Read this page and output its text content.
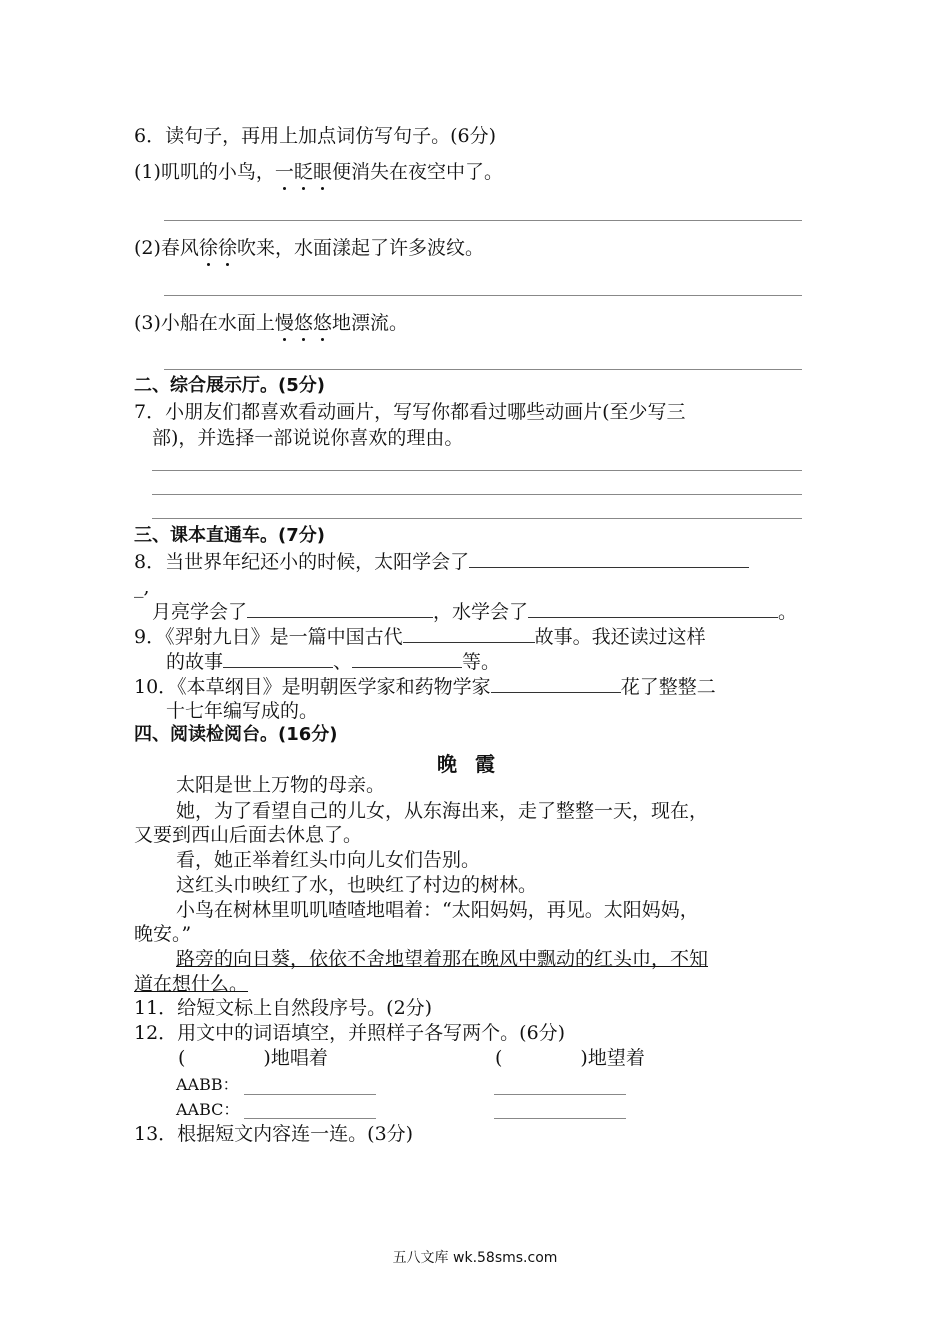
6．读句子，再用上加点词仿写句子。(6分)
(1)叽叽的小鸟，一眨眼便消失在夜空中了。
(2)春风徐徐吹来，水面漾起了许多波纹。
(3)小船在水面上慢悠悠地漂流。
二、综合展示厅。(5分)
7．小朋友们都喜欢看动画片，写写你都看过哪些动画片(至少写三
部)，并选择一部说说你喜欢的理由。
三、课本直通车。(7分)
8．当世界年纪还小的时候，太阳学会了
_,
月亮学会了	，水学会了	。
9．《羿射九日》是一篇中国古代	故事。我还读过这样
的故事	、	等。
10．《本草纲目》是明朝医学家和药物学家	花了整整二
十七年编写成的。
四、阅读检阅台。(16分)
晚霞
太阳是世上万物的母亲。
她，为了看望自己的儿女，从东海出来，走了整整一天，现在，
又要到西山后面去休息了。
看，她正举着红头巾向儿女们告别。
这红头巾映红了水，也映红了村边的树林。
小鸟在树林里叽叽喳喳地唱着：“太阳妈妈，再见。太阳妈妈，
晚安。”
路旁的向日葵，依依不舍地望着那在晚风中飘动的红头巾，不知
道在想什么。
11．给短文标上自然段序号。(2分)
12．用文中的词语填空，并照样子各写两个。(6分)
(	)地唱着	(	)地望着
AABB：
AABC：
13．根据短文内容连一连。(3分)
五八文库 wk.58sms.com
